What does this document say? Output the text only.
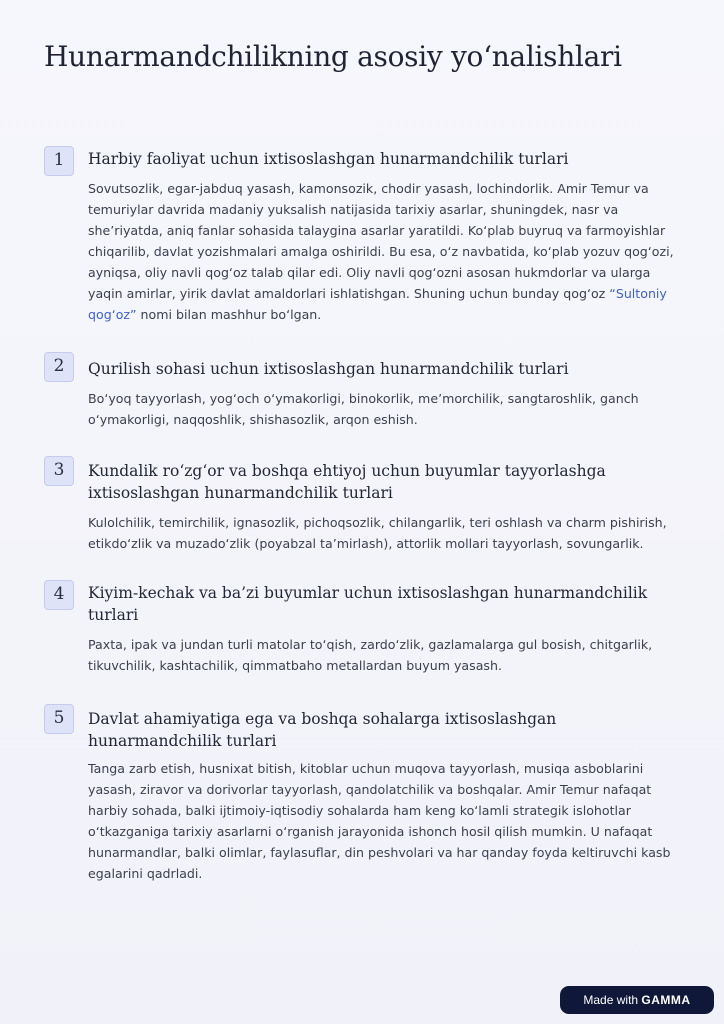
Hunarmandchilikning asosiy yo‘nalishlari
1	Harbiy faoliyat uchun ixtisoslashgan hunarmandchilik turlari
Sovutsozlik, egar-jabduq yasash, kamonsozik, chodir yasash, lochindorlik. Amir Temur va temuriylar davrida madaniy yuksalish natijasida tarixiy asarlar, shuningdek, nasr va she’riyatda, aniq fanlar sohasida talaygina asarlar yaratildi. Ko‘plab buyruq va farmoyishlar chiqarilib, davlat yozishmalari amalga oshirildi. Bu esa, o‘z navbatida, ko‘plab yozuv qog‘ozi, ayniqsa, oliy navli qog‘oz talab qilar edi. Oliy navli qog‘ozni asosan hukmdorlar va ularga yaqin amirlar, yirik davlat amaldorlari ishlatishgan. Shuning uchun bunday qog‘oz “Sultoniy qog‘oz” nomi bilan mashhur bo‘lgan.
2	Qurilish sohasi uchun ixtisoslashgan hunarmandchilik turlari
Bo‘yoq tayyorlash, yog‘och o‘ymakorligi, binokorlik, me’morchilik, sangtaroshlik, ganch o‘ymakorligi, naqqoshlik, shishasozlik, arqon eshish.
3	Kundalik ro‘zg‘or va boshqa ehtiyoj uchun buyumlar tayyorlashga ixtisoslashgan hunarmandchilik turlari
Kulolchilik, temirchilik, ignasozlik, pichoqsozlik, chilangarlik, teri oshlash va charm pishirish, etikdo‘zlik va muzado‘zlik (poyabzal ta’mirlash), attorlik mollari tayyorlash, sovungarlik.
4	Kiyim-kechak va ba’zi buyumlar uchun ixtisoslashgan hunarmandchilik turlari
Paxta, ipak va jundan turli matolar to‘qish, zardo‘zlik, gazlamalarga gul bosish, chitgarlik, tikuvchilik, kashtachilik, qimmatbaho metallardan buyum yasash.
5	Davlat ahamiyatiga ega va boshqa sohalarga ixtisoslashgan hunarmandchilik turlari
Tanga zarb etish, husnixat bitish, kitoblar uchun muqova tayyorlash, musiqa asboblarini yasash, ziravor va dorivorlar tayyorlash, qandolatchilik va boshqalar. Amir Temur nafaqat harbiy sohada, balki ijtimoiy-iqtisodiy sohalarda ham keng ko‘lamli strategik islohotlar o‘tkazganiga tarixiy asarlarni o‘rganish jarayonida ishonch hosil qilish mumkin. U nafaqat hunarmandlar, balki olimlar, faylasuflar, din peshvolari va har qanday foyda keltiruvchi kasb egalarini qadrladi.
Made with GAMMA
